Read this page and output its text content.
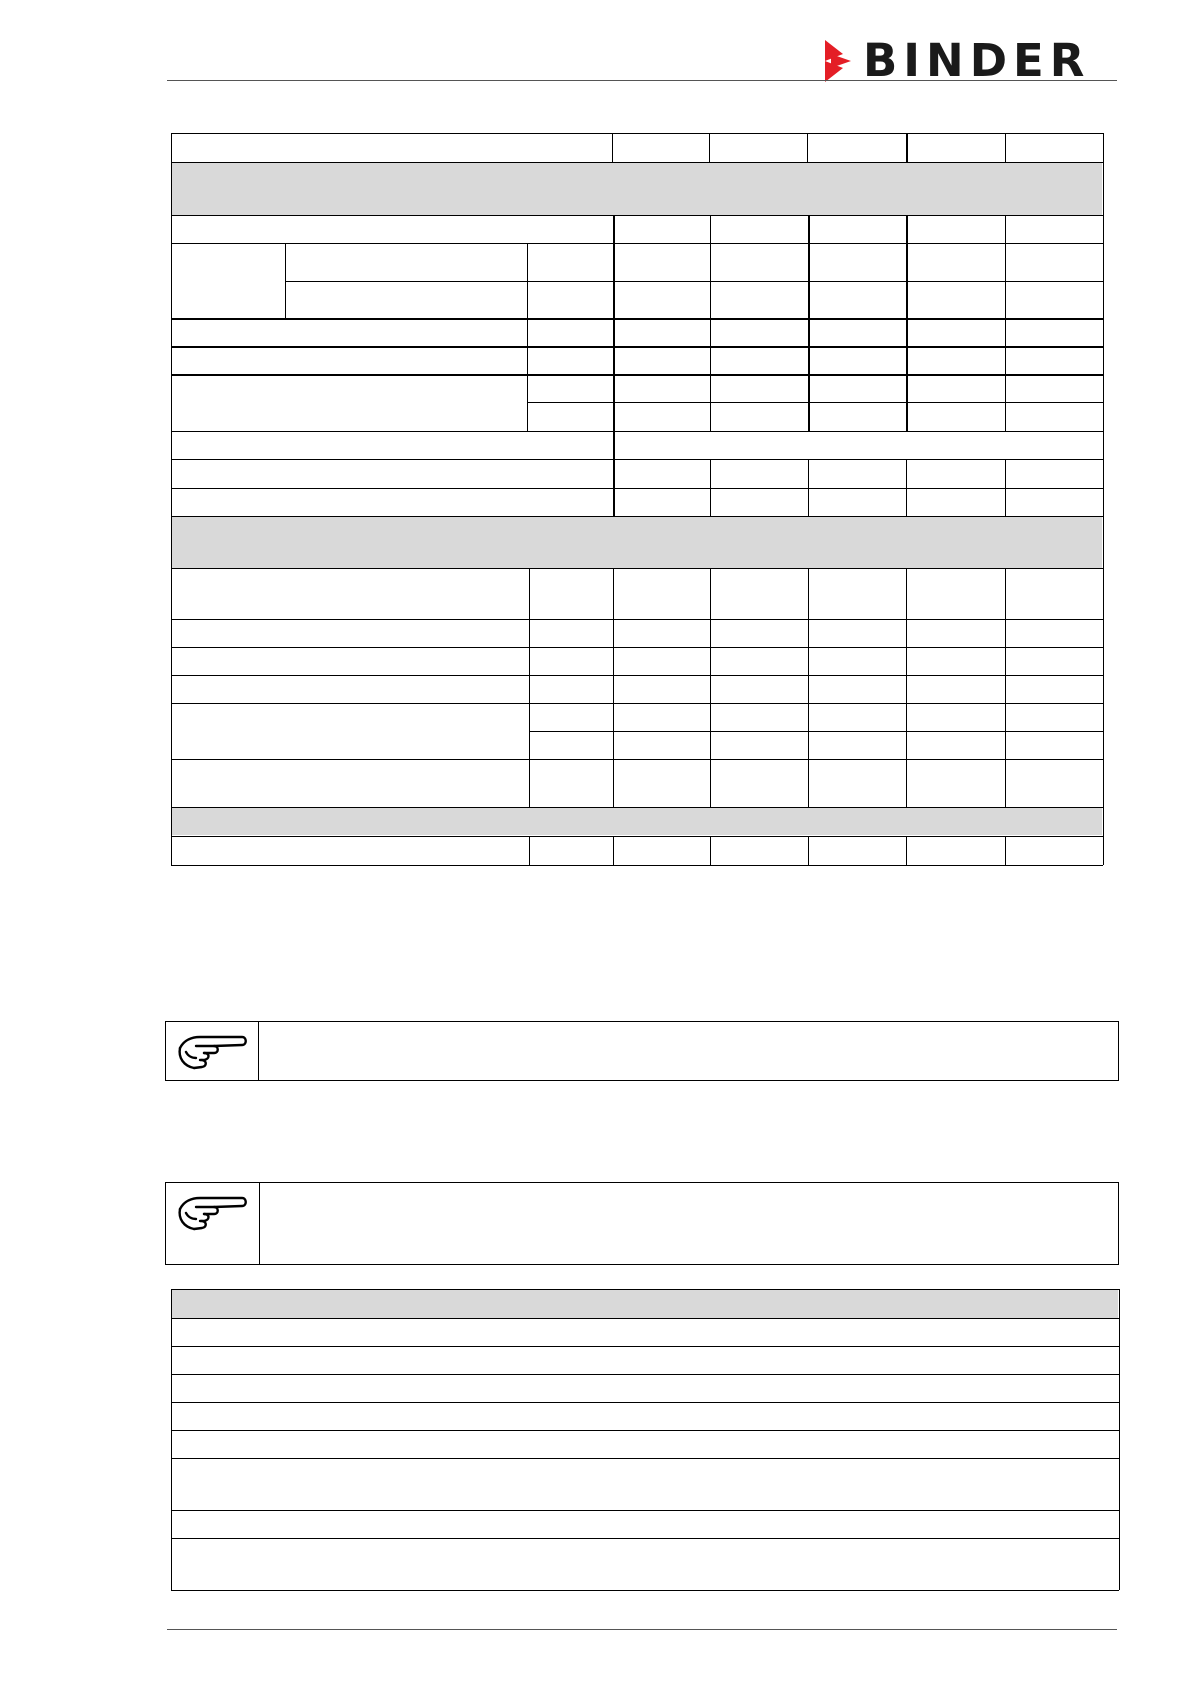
BINDER
